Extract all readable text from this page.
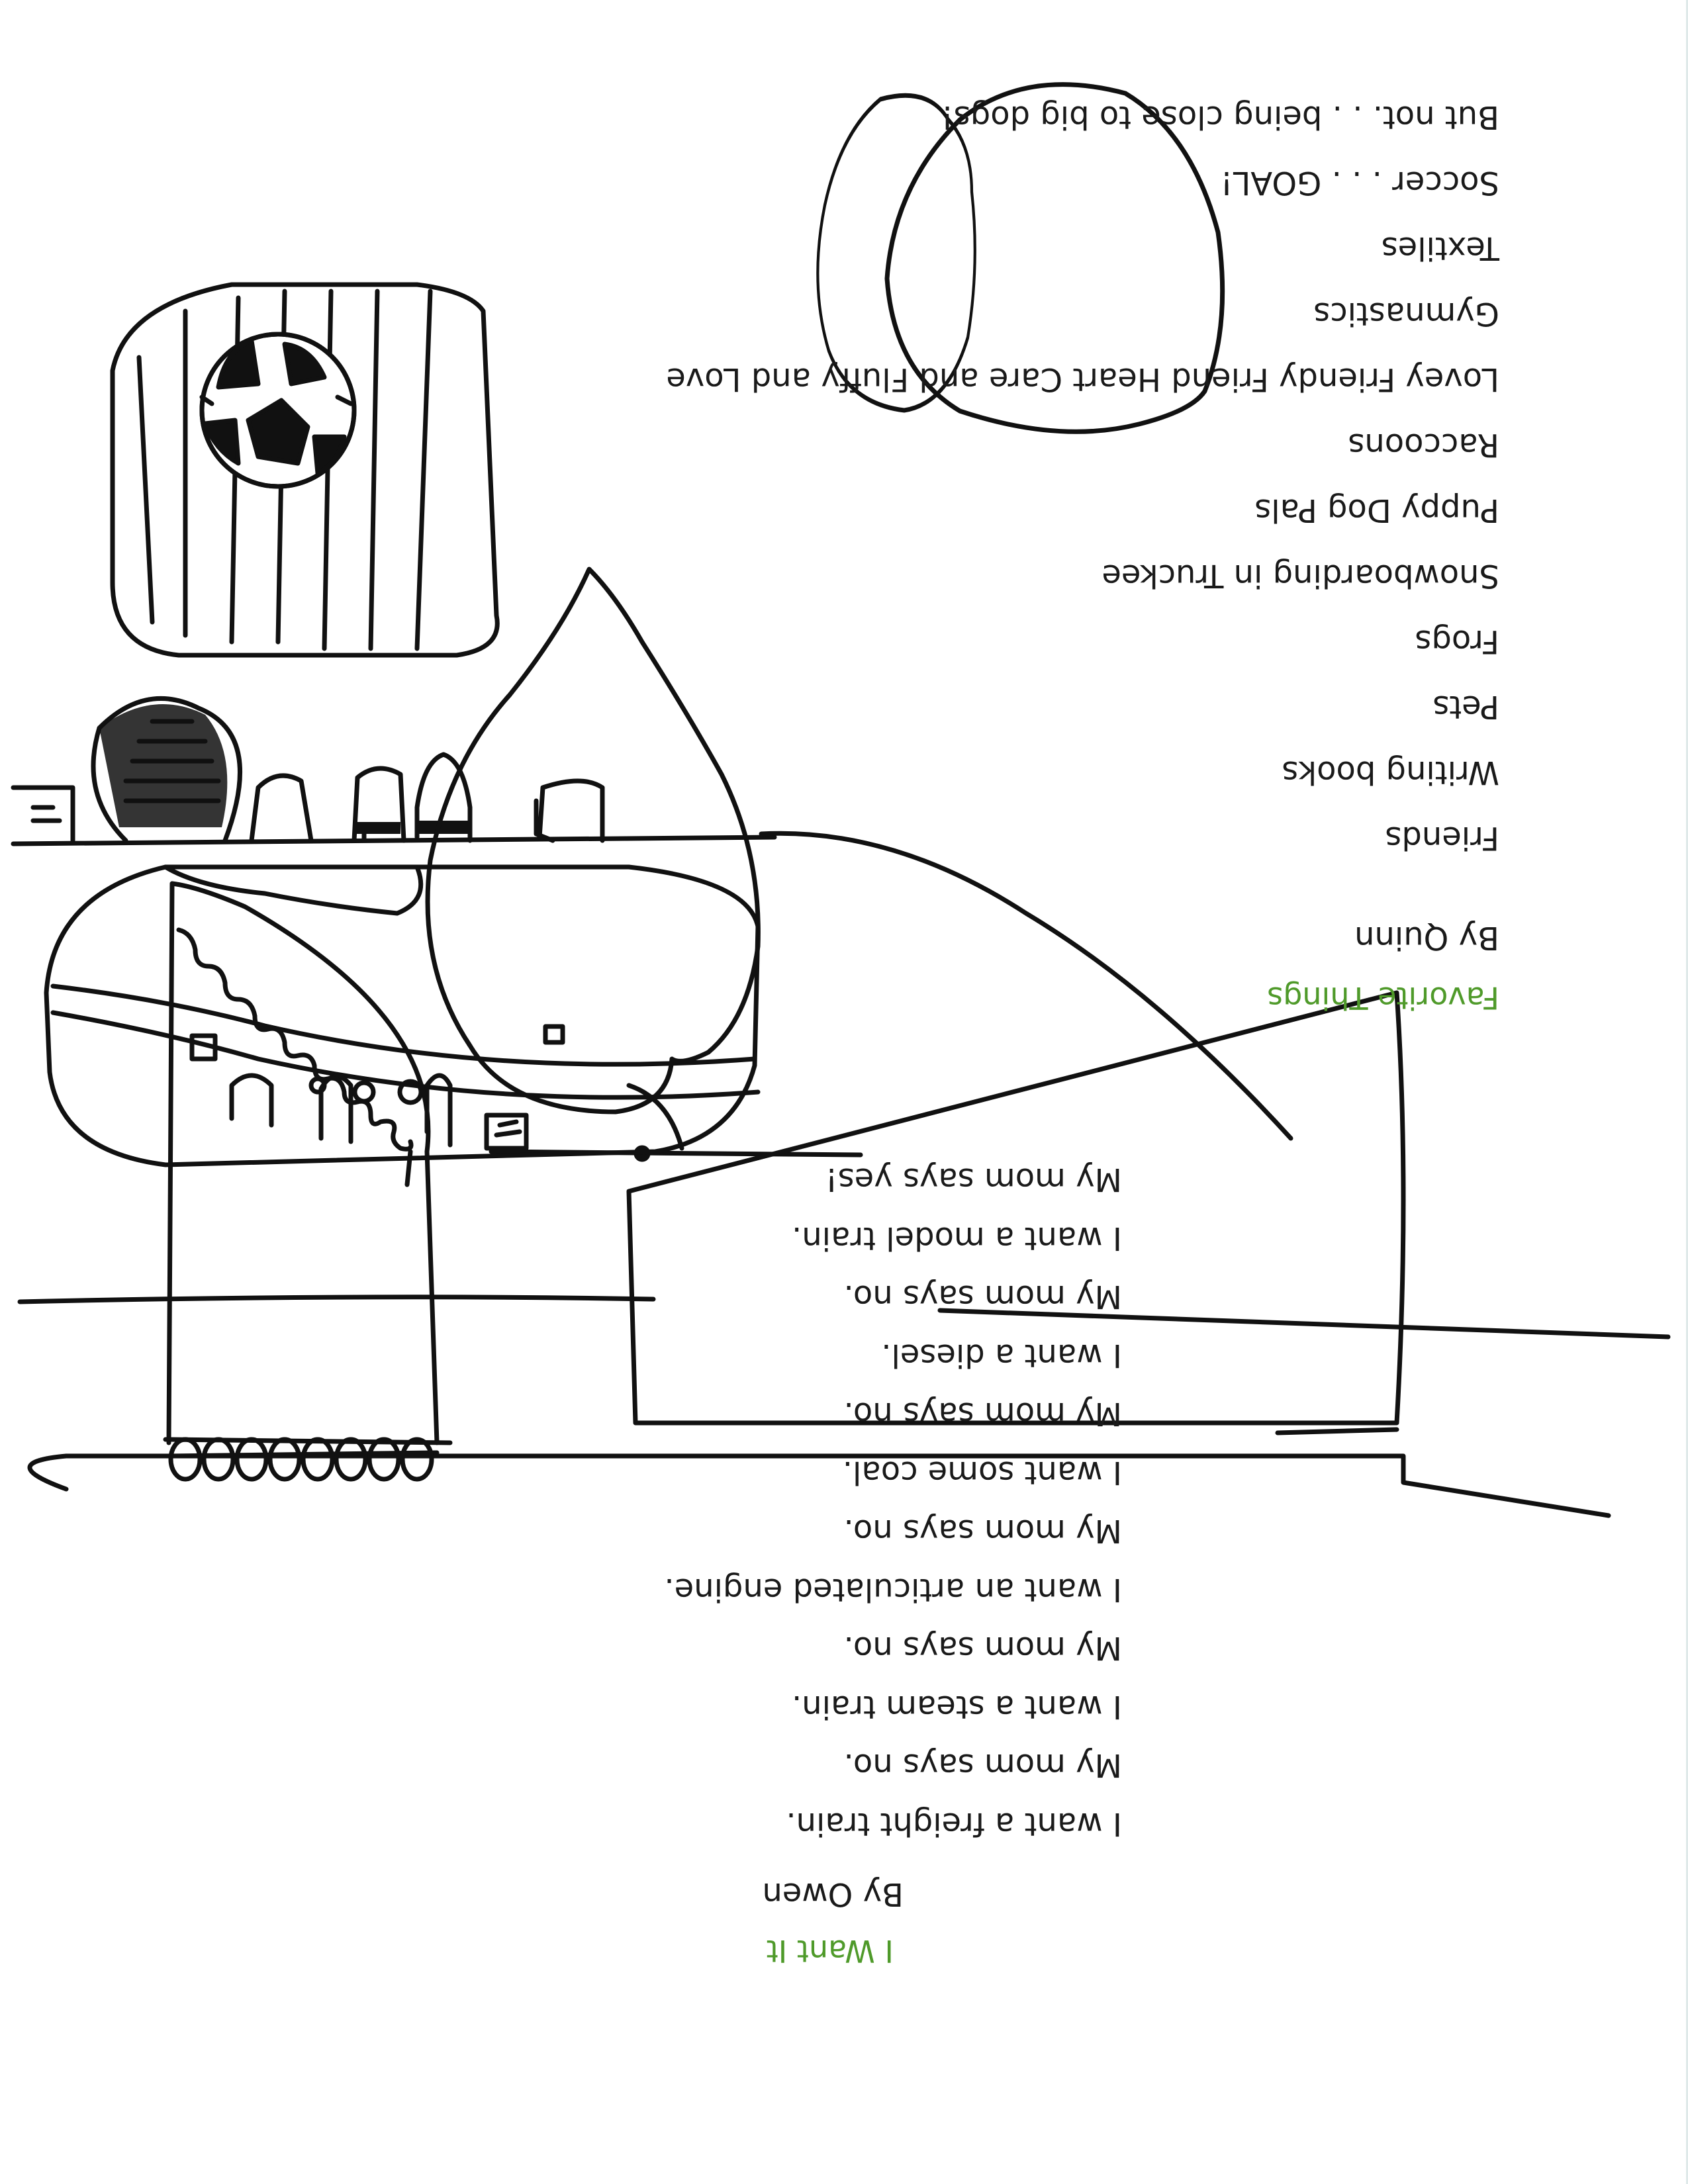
I Want It
By Owen
I want a freight train.
My mom says no.
I want a steam train.
My mom says no.
I want an articulated engine.
My mom says no.
I want some coal.
My mom says no.
I want a diesel.
My mom says no.
I want a model train.
My mom says yes!
Favorite Things
By Quinn
Friends
Writing books
Pets
Frogs
Snowboarding in Truckee
Puppy Dog Pals
Raccoons
Lovey Friendy Friend Heart Care and Fluffy and Love
Gymnastics
Textiles
Soccer . . . GOAL!
But not. . . being close to big dogs!
